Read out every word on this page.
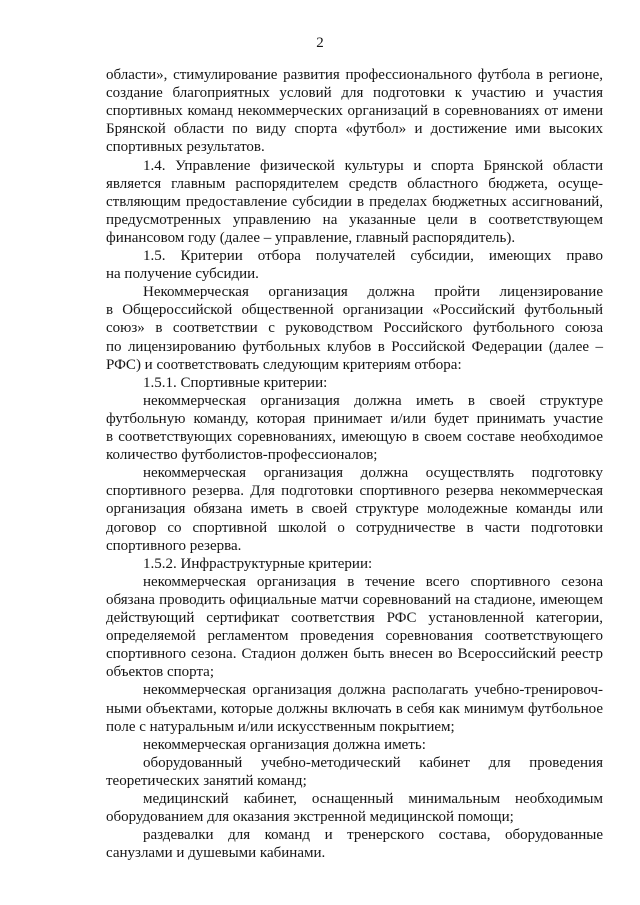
2
области», стимулирование развития профессионального футбола в регионе,
создание благоприятных условий для подготовки к участию и участия
спортивных команд некоммерческих организаций в соревнованиях от имени
Брянской области по виду спорта «футбол» и достижение ими высоких
спортивных результатов.
1.4. Управление физической культуры и спорта Брянской области
является главным распорядителем средств областного бюджета, осуще-
ствляющим предоставление субсидии в пределах бюджетных ассигнований,
предусмотренных управлению на указанные цели в соответствующем
финансовом году (далее – управление, главный распорядитель).
1.5. Критерии отбора получателей субсидии, имеющих право
на получение субсидии.
Некоммерческая организация должна пройти лицензирование
в Общероссийской общественной организации «Российский футбольный
союз» в соответствии с руководством Российского футбольного союза
по лицензированию футбольных клубов в Российской Федерации (далее –
РФС) и соответствовать следующим критериям отбора:
1.5.1. Спортивные критерии:
некоммерческая организация должна иметь в своей структуре
футбольную команду, которая принимает и/или будет принимать участие
в соответствующих соревнованиях, имеющую в своем составе необходимое
количество футболистов-профессионалов;
некоммерческая организация должна осуществлять подготовку
спортивного резерва. Для подготовки спортивного резерва некоммерческая
организация обязана иметь в своей структуре молодежные команды или
договор со спортивной школой о сотрудничестве в части подготовки
спортивного резерва.
1.5.2. Инфраструктурные критерии:
некоммерческая организация в течение всего спортивного сезона
обязана проводить официальные матчи соревнований на стадионе, имеющем
действующий сертификат соответствия РФС установленной категории,
определяемой регламентом проведения соревнования соответствующего
спортивного сезона. Стадион должен быть внесен во Всероссийский реестр
объектов спорта;
некоммерческая организация должна располагать учебно-тренировоч-
ными объектами, которые должны включать в себя как минимум футбольное
поле с натуральным и/или искусственным покрытием;
некоммерческая организация должна иметь:
оборудованный учебно-методический кабинет для проведения
теоретических занятий команд;
медицинский кабинет, оснащенный минимальным необходимым
оборудованием для оказания экстренной медицинской помощи;
раздевалки для команд и тренерского состава, оборудованные
санузлами и душевыми кабинами.
